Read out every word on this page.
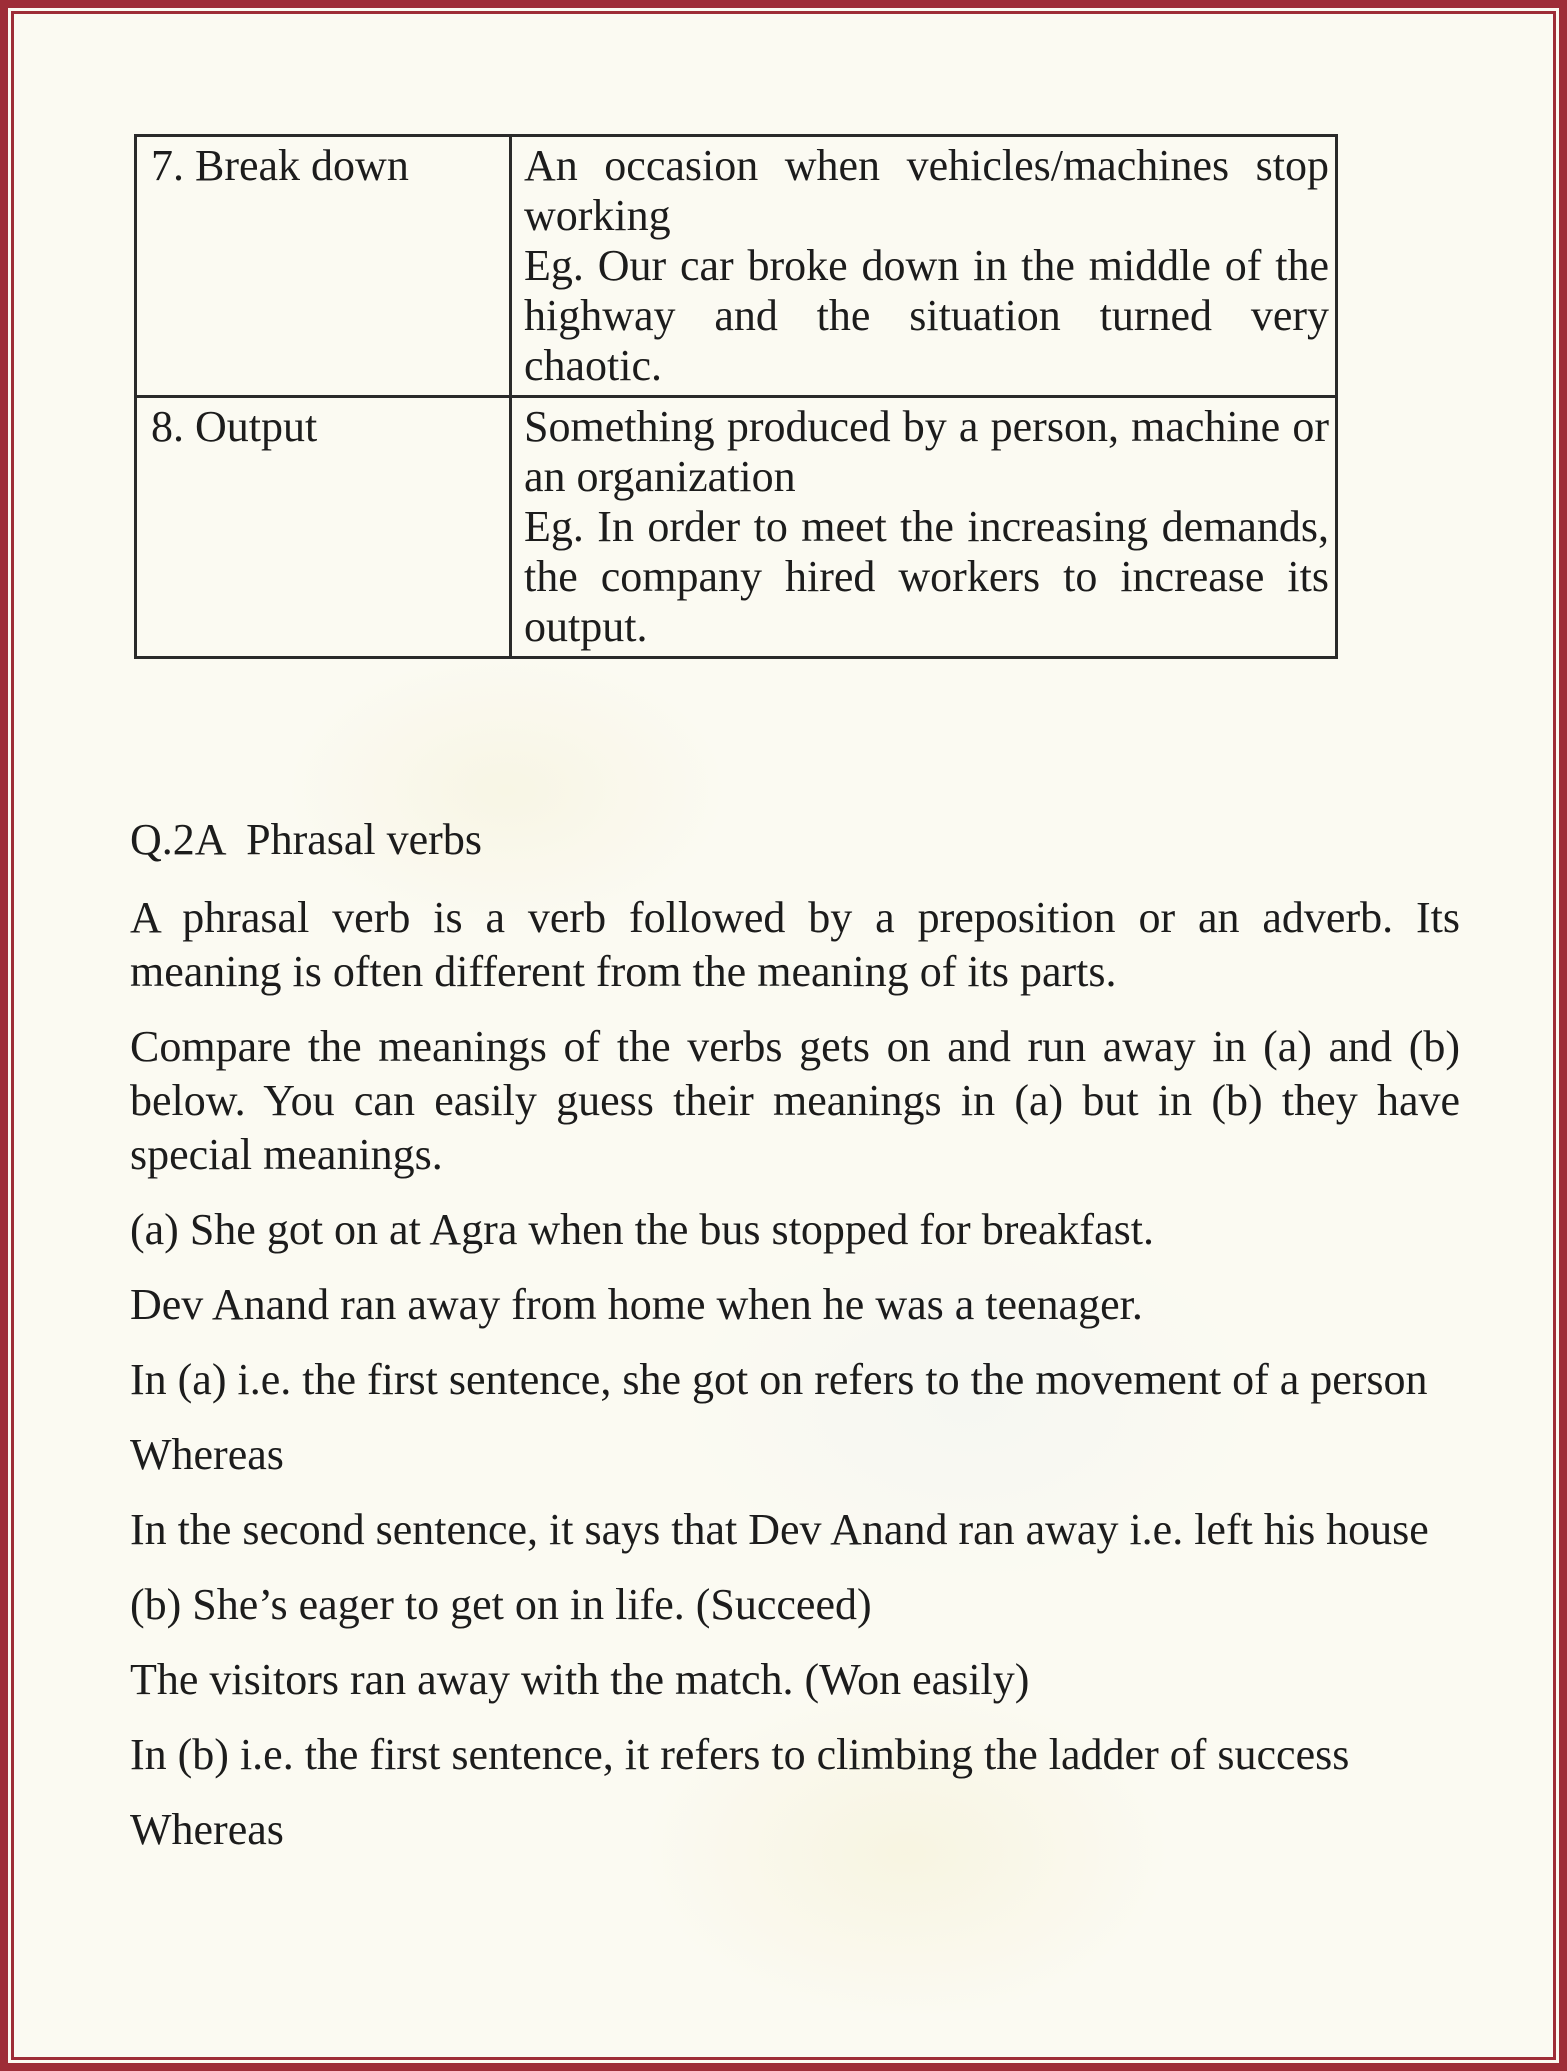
7. Break down	An occasion when vehicles/machines stop working
Eg. Our car broke down in the middle of the highway and the situation turned very chaotic.

8. Output	Something produced by a person, machine or an organization
Eg. In order to meet the increasing demands, the company hired workers to increase its output.
Q.2A  Phrasal verbs

A phrasal verb is a verb followed by a preposition or an adverb. Its meaning is often different from the meaning of its parts.

Compare the meanings of the verbs gets on and run away in (a) and (b) below. You can easily guess their meanings in (a) but in (b) they have special meanings.

(a) She got on at Agra when the bus stopped for breakfast.

Dev Anand ran away from home when he was a teenager.

In (a) i.e. the first sentence, she got on refers to the movement of a person

Whereas

In the second sentence, it says that Dev Anand ran away i.e. left his house

(b) She’s eager to get on in life. (Succeed)

The visitors ran away with the match. (Won easily)

In (b) i.e. the first sentence, it refers to climbing the ladder of success

Whereas
